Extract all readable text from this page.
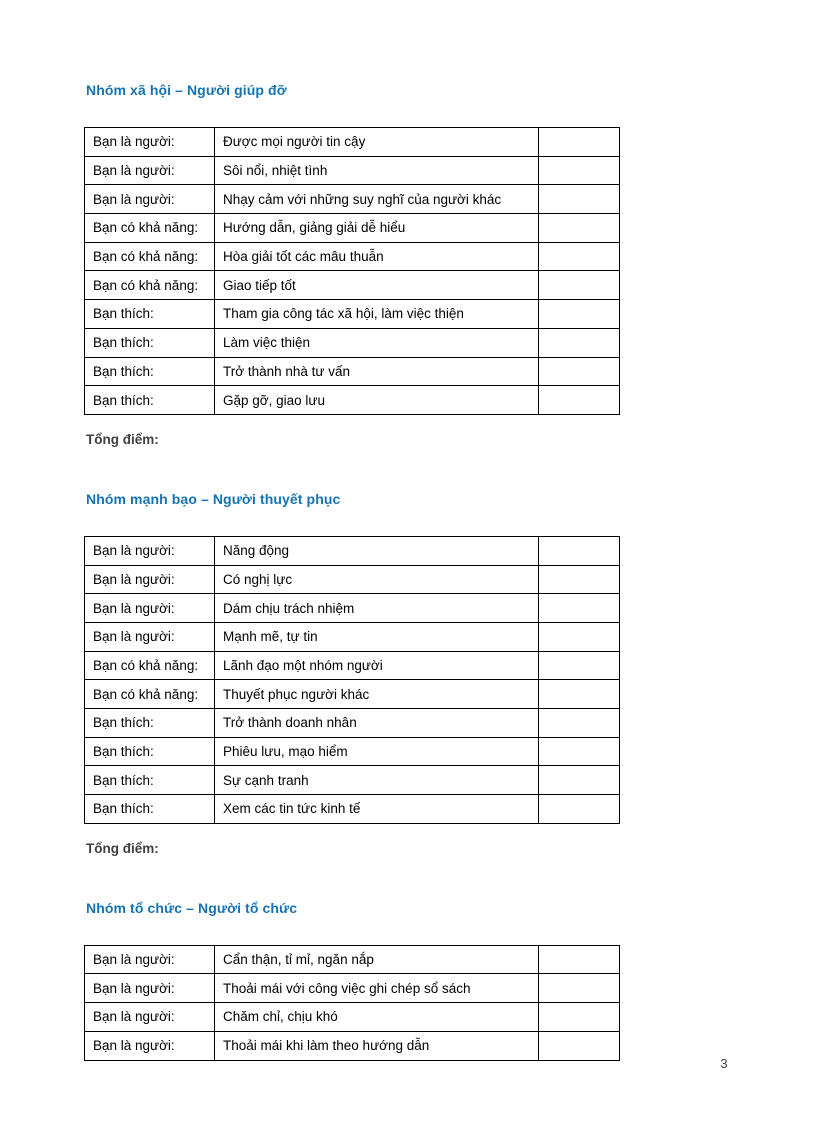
Nhóm xã hội – Người giúp đỡ
Bạn là người:	Được mọi người tin cậy	
Bạn là người:	Sôi nổi, nhiệt tình	
Bạn là người:	Nhạy cảm với những suy nghĩ của người khác	
Bạn có khả năng:	Hướng dẫn, giảng giải dễ hiểu	
Bạn có khả năng:	Hòa giải tốt các mâu thuẫn	
Bạn có khả năng:	Giao tiếp tốt	
Bạn thích:	Tham gia công tác xã hội, làm việc thiện	
Bạn thích:	Làm việc thiện	
Bạn thích:	Trở thành nhà tư vấn	
Bạn thích:	Gặp gỡ, giao lưu	

Tổng điểm:

Nhóm mạnh bạo – Người thuyết phục
Bạn là người:	Năng động	
Bạn là người:	Có nghị lực	
Bạn là người:	Dám chịu trách nhiệm	
Bạn là người:	Mạnh mẽ, tự tin	
Bạn có khả năng:	Lãnh đạo một nhóm người	
Bạn có khả năng:	Thuyết phục người khác	
Bạn thích:	Trở thành doanh nhân	
Bạn thích:	Phiêu lưu, mạo hiểm	
Bạn thích:	Sự cạnh tranh	
Bạn thích:	Xem các tin tức kinh tế	

Tổng điểm:

Nhóm tổ chức – Người tổ chức
Bạn là người:	Cẩn thận, tỉ mỉ, ngăn nắp	
Bạn là người:	Thoải mái với công việc ghi chép sổ sách	
Bạn là người:	Chăm chỉ, chịu khó	
Bạn là người:	Thoải mái khi làm theo hướng dẫn	
3
